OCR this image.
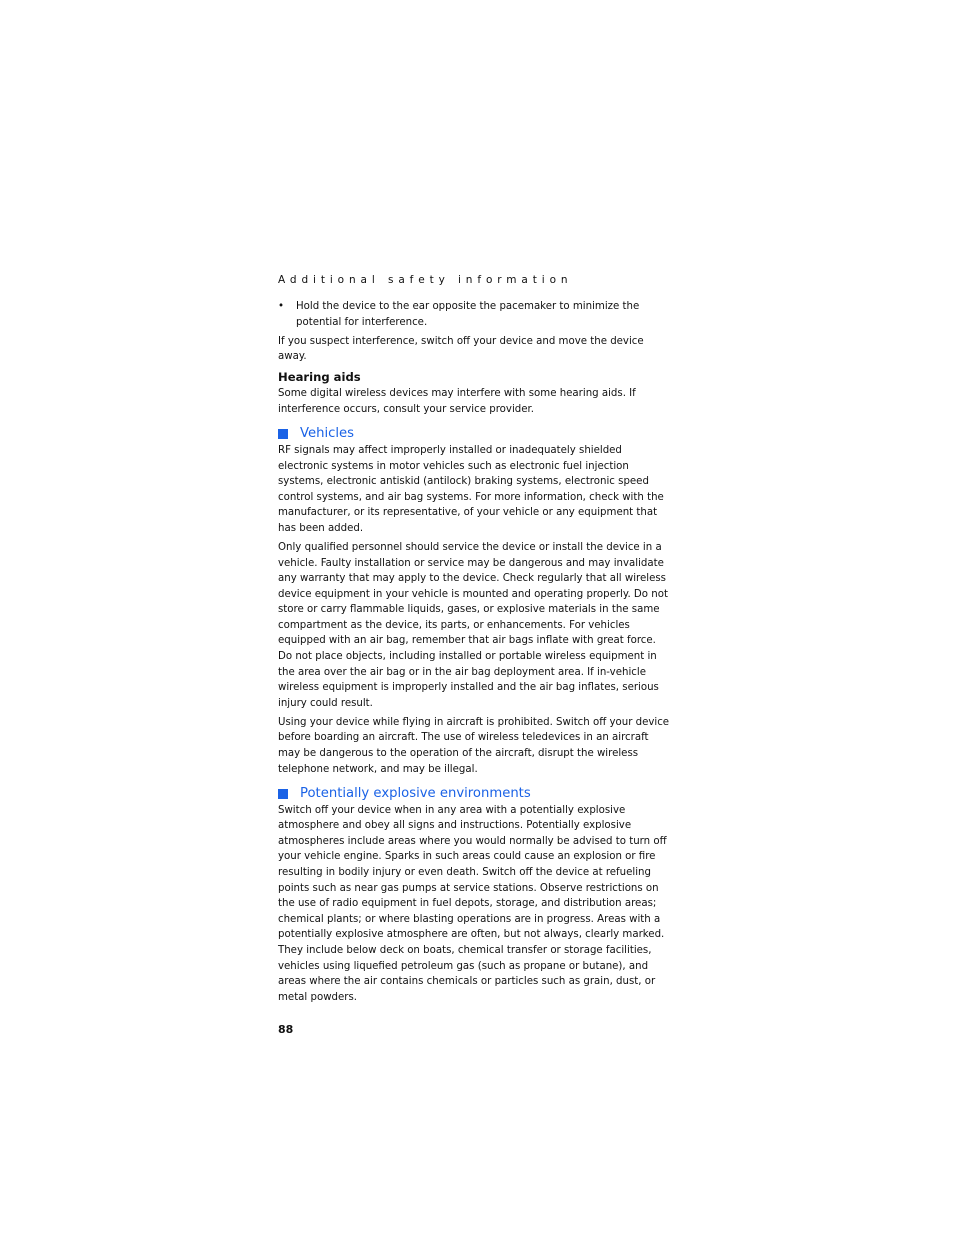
Additional safety information
• Hold the device to the ear opposite the pacemaker to minimize the potential for interference.

If you suspect interference, switch off your device and move the device away.

Hearing aids

Some digital wireless devices may interfere with some hearing aids. If interference occurs, consult your service provider.

Vehicles

RF signals may affect improperly installed or inadequately shielded electronic systems in motor vehicles such as electronic fuel injection systems, electronic antiskid (antilock) braking systems, electronic speed control systems, and air bag systems. For more information, check with the manufacturer, or its representative, of your vehicle or any equipment that has been added.

Only qualified personnel should service the device or install the device in a vehicle. Faulty installation or service may be dangerous and may invalidate any warranty that may apply to the device. Check regularly that all wireless device equipment in your vehicle is mounted and operating properly. Do not store or carry flammable liquids, gases, or explosive materials in the same compartment as the device, its parts, or enhancements. For vehicles equipped with an air bag, remember that air bags inflate with great force. Do not place objects, including installed or portable wireless equipment in the area over the air bag or in the air bag deployment area. If in-vehicle wireless equipment is improperly installed and the air bag inflates, serious injury could result.

Using your device while flying in aircraft is prohibited. Switch off your device before boarding an aircraft. The use of wireless teledevices in an aircraft may be dangerous to the operation of the aircraft, disrupt the wireless telephone network, and may be illegal.

Potentially explosive environments

Switch off your device when in any area with a potentially explosive atmosphere and obey all signs and instructions. Potentially explosive atmospheres include areas where you would normally be advised to turn off your vehicle engine. Sparks in such areas could cause an explosion or fire resulting in bodily injury or even death. Switch off the device at refueling points such as near gas pumps at service stations. Observe restrictions on the use of radio equipment in fuel depots, storage, and distribution areas; chemical plants; or where blasting operations are in progress. Areas with a potentially explosive atmosphere are often, but not always, clearly marked. They include below deck on boats, chemical transfer or storage facilities, vehicles using liquefied petroleum gas (such as propane or butane), and areas where the air contains chemicals or particles such as grain, dust, or metal powders.

88
